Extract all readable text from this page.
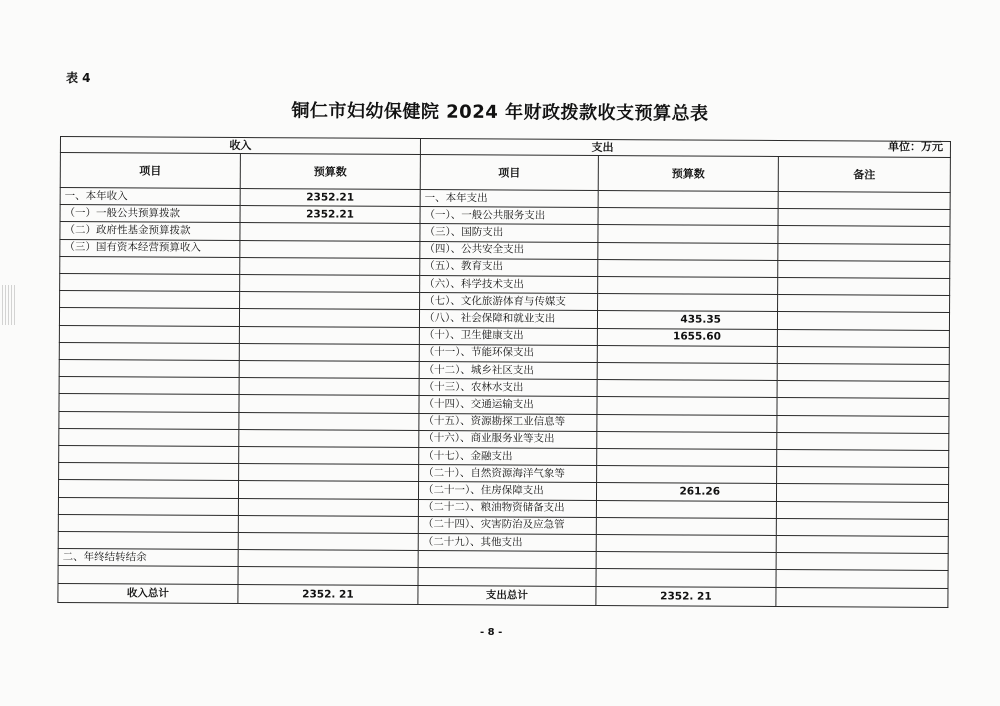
表 4
铜仁市妇幼保健院 2024 年财政拨款收支预算总表
单位：万元
收入		支出		
项目	预算数	项目	预算数	备注
一、本年收入	2352.21	一、本年支出		
（一）一般公共预算拨款	2352.21	（一）、一般公共服务支出		
（二）政府性基金预算拨款		（三）、国防支出		
（三）国有资本经营预算收入		（四）、公共安全支出		
		（五）、教育支出		
		（六）、科学技术支出		
		（七）、文化旅游体育与传媒支		
		（八）、社会保障和就业支出	435.35	
		（十）、卫生健康支出	1655.60	
		（十一）、节能环保支出		
		（十二）、城乡社区支出		
		（十三）、农林水支出		
		（十四）、交通运输支出		
		（十五）、资源勘探工业信息等		
		（十六）、商业服务业等支出		
		（十七）、金融支出		
		（二十）、自然资源海洋气象等		
		（二十一）、住房保障支出	261.26	
		（二十二）、粮油物资储备支出		
		（二十四）、灾害防治及应急管		
		（二十九）、其他支出		
二、年终结转结余				

收入总计	2352. 21	支出总计	2352. 21	
- 8 -
